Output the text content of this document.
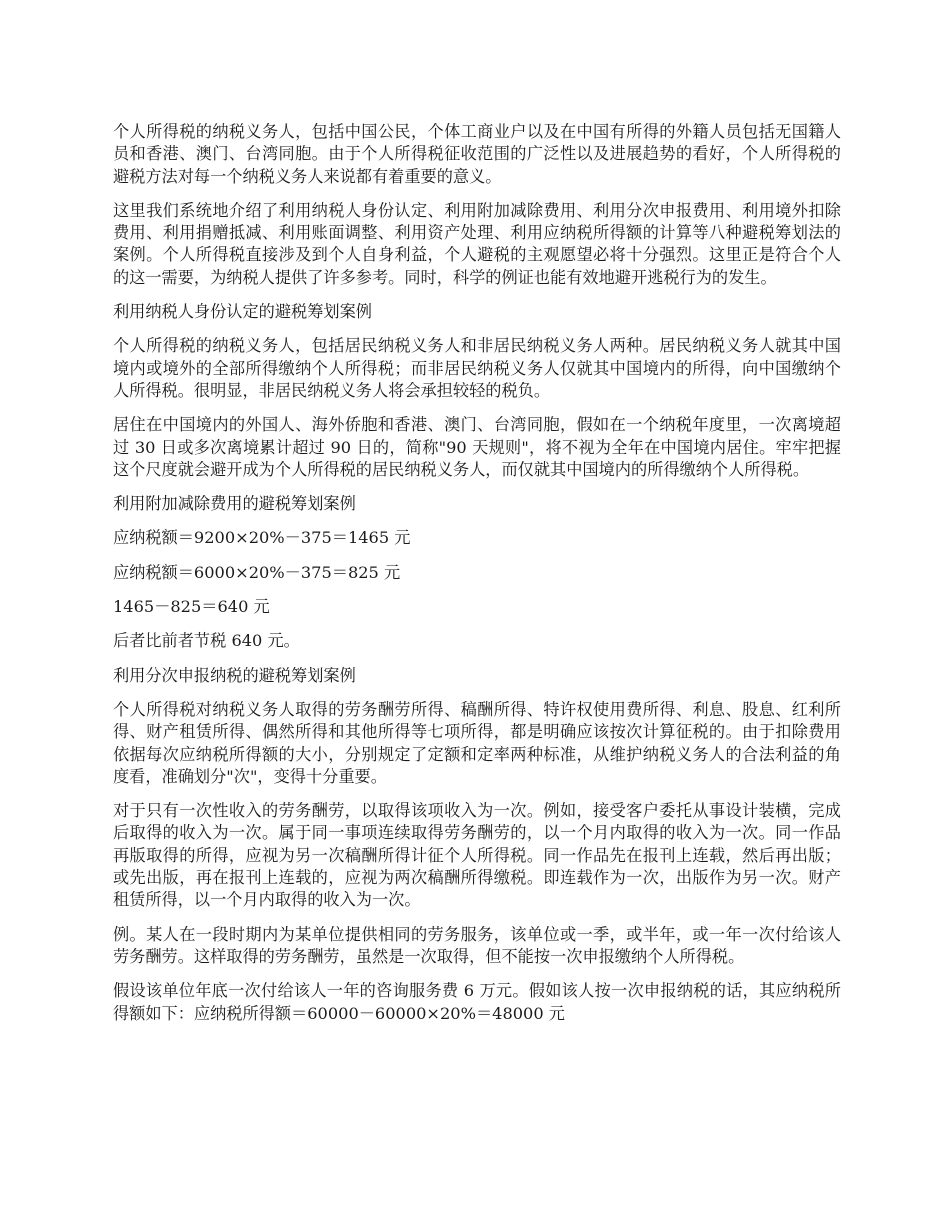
个人所得税的纳税义务人，包括中国公民，个体工商业户以及在中国有所得的外籍人员包括无国籍人员和香港、澳门、台湾同胞。由于个人所得税征收范围的广泛性以及进展趋势的看好，个人所得税的避税方法对每一个纳税义务人来说都有着重要的意义。

这里我们系统地介绍了利用纳税人身份认定、利用附加减除费用、利用分次申报费用、利用境外扣除费用、利用捐赠抵减、利用账面调整、利用资产处理、利用应纳税所得额的计算等八种避税筹划法的案例。个人所得税直接涉及到个人自身利益，个人避税的主观愿望必将十分强烈。这里正是符合个人的这一需要，为纳税人提供了许多参考。同时，科学的例证也能有效地避开逃税行为的发生。

利用纳税人身份认定的避税筹划案例

个人所得税的纳税义务人，包括居民纳税义务人和非居民纳税义务人两种。居民纳税义务人就其中国境内或境外的全部所得缴纳个人所得税；而非居民纳税义务人仅就其中国境内的所得，向中国缴纳个人所得税。很明显，非居民纳税义务人将会承担较轻的税负。

居住在中国境内的外国人、海外侨胞和香港、澳门、台湾同胞，假如在一个纳税年度里，一次离境超过 30 日或多次离境累计超过 90 日的，简称"90 天规则"，将不视为全年在中国境内居住。牢牢把握这个尺度就会避开成为个人所得税的居民纳税义务人，而仅就其中国境内的所得缴纳个人所得税。

利用附加减除费用的避税筹划案例

应纳税额＝9200×20%－375＝1465 元

应纳税额＝6000×20%－375＝825 元

1465－825＝640 元

后者比前者节税 640 元。

利用分次申报纳税的避税筹划案例

个人所得税对纳税义务人取得的劳务酬劳所得、稿酬所得、特许权使用费所得、利息、股息、红利所得、财产租赁所得、偶然所得和其他所得等七项所得，都是明确应该按次计算征税的。由于扣除费用依据每次应纳税所得额的大小，分别规定了定额和定率两种标准，从维护纳税义务人的合法利益的角度看，准确划分"次"，变得十分重要。

对于只有一次性收入的劳务酬劳，以取得该项收入为一次。例如，接受客户委托从事设计装横，完成后取得的收入为一次。属于同一事项连续取得劳务酬劳的，以一个月内取得的收入为一次。同一作品再版取得的所得，应视为另一次稿酬所得计征个人所得税。同一作品先在报刊上连载，然后再出版；或先出版，再在报刊上连载的，应视为两次稿酬所得缴税。即连载作为一次，出版作为另一次。财产租赁所得，以一个月内取得的收入为一次。

例。某人在一段时期内为某单位提供相同的劳务服务，该单位或一季，或半年，或一年一次付给该人劳务酬劳。这样取得的劳务酬劳，虽然是一次取得，但不能按一次申报缴纳个人所得税。

假设该单位年底一次付给该人一年的咨询服务费 6 万元。假如该人按一次申报纳税的话，其应纳税所得额如下：应纳税所得额＝60000－60000×20%＝48000 元
